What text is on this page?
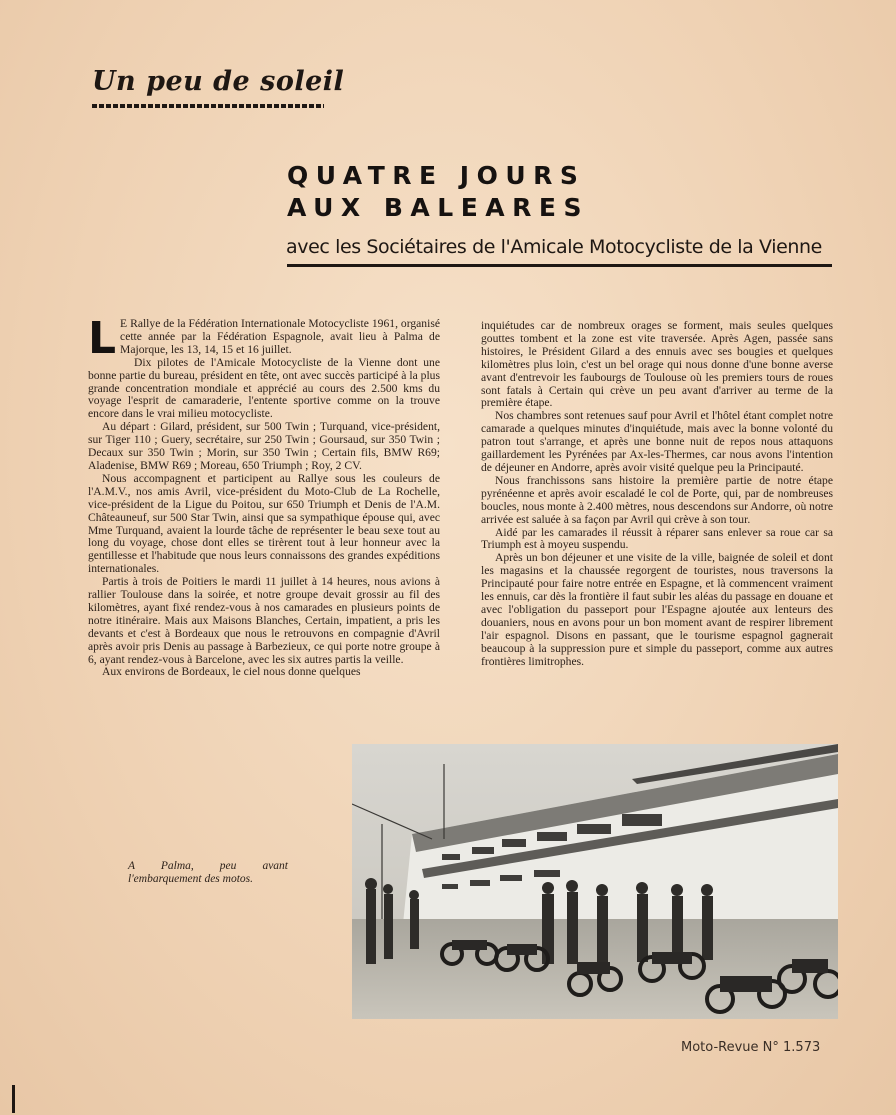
Un peu de soleil
QUATRE JOURS
AUX BALEARES
avec les Sociétaires de l'Amicale Motocycliste de la Vienne

L E Rallye de la Fédération Internationale Motocycliste 1961, organisé cette année par la Fédération Espagnole, avait lieu à Palma de Majorque, les 13, 14, 15 et 16 juillet.

Dix pilotes de l'Amicale Motocycliste de la Vienne dont une bonne partie du bureau, président en tête, ont avec succès participé à la plus grande concentration mondiale et apprécié au cours des 2.500 kms du voyage l'esprit de camaraderie, l'entente sportive comme on la trouve encore dans le vrai milieu motocycliste.

Au départ : Gilard, président, sur 500 Twin ; Turquand, vice-président, sur Tiger 110 ; Guery, secrétaire, sur 250 Twin ; Goursaud, sur 350 Twin ; Decaux sur 350 Twin ; Morin, sur 350 Twin ; Certain fils, BMW R69; Aladenise, BMW R69 ; Moreau, 650 Triumph ; Roy, 2 CV.

Nous accompagnent et participent au Rallye sous les couleurs de l'A.M.V., nos amis Avril, vice-président du Moto-Club de La Rochelle, vice-président de la Ligue du Poitou, sur 650 Triumph et Denis de l'A.M. Châteauneuf, sur 500 Star Twin, ainsi que sa sympathique épouse qui, avec Mme Turquand, avaient la lourde tâche de représenter le beau sexe tout au long du voyage, chose dont elles se tirèrent tout à leur honneur avec la gentillesse et l'habitude que nous leurs connaissons des grandes expéditions internationales.

Partis à trois de Poitiers le mardi 11 juillet à 14 heures, nous avions à rallier Toulouse dans la soirée, et notre groupe devait grossir au fil des kilomètres, ayant fixé rendez-vous à nos camarades en plusieurs points de notre itinéraire. Mais aux Maisons Blanches, Certain, impatient, a pris les devants et c'est à Bordeaux que nous le retrouvons en compagnie d'Avril après avoir pris Denis au passage à Barbezieux, ce qui porte notre groupe à 6, ayant rendez-vous à Barcelone, avec les six autres partis la veille.

Aux environs de Bordeaux, le ciel nous donne quelques

inquiétudes car de nombreux orages se forment, mais seules quelques gouttes tombent et la zone est vite traversée. Après Agen, passée sans histoires, le Président Gilard a des ennuis avec ses bougies et quelques kilomètres plus loin, c'est un bel orage qui nous donne d'une bonne averse avant d'entrevoir les faubourgs de Toulouse où les premiers tours de roues sont fatals à Certain qui crève un peu avant d'arriver au terme de la première étape.

Nos chambres sont retenues sauf pour Avril et l'hôtel étant complet notre camarade a quelques minutes d'inquiétude, mais avec la bonne volonté du patron tout s'arrange, et après une bonne nuit de repos nous attaquons gaillardement les Pyrénées par Ax-les-Thermes, car nous avons l'intention de déjeuner en Andorre, après avoir visité quelque peu la Principauté.

Nous franchissons sans histoire la première partie de notre étape pyrénéenne et après avoir escaladé le col de Porte, qui, par de nombreuses boucles, nous monte à 2.400 mètres, nous descendons sur Andorre, où notre arrivée est saluée à sa façon par Avril qui crève à son tour.

Aidé par les camarades il réussit à réparer sans enlever sa roue car sa Triumph est à moyeu suspendu.

Après un bon déjeuner et une visite de la ville, baignée de soleil et dont les magasins et la chaussée regorgent de touristes, nous traversons la Principauté pour faire notre entrée en Espagne, et là commencent vraiment les ennuis, car dès la frontière il faut subir les aléas du passage en douane et avec l'obligation du passeport pour l'Espagne ajoutée aux lenteurs des douaniers, nous en avons pour un bon moment avant de respirer librement l'air espagnol. Disons en passant, que le tourisme espagnol gagnerait beaucoup à la suppression pure et simple du passeport, comme aux autres frontières limitrophes.

A Palma, peu avant l'embarquement des motos.
Moto-Revue N° 1.573
